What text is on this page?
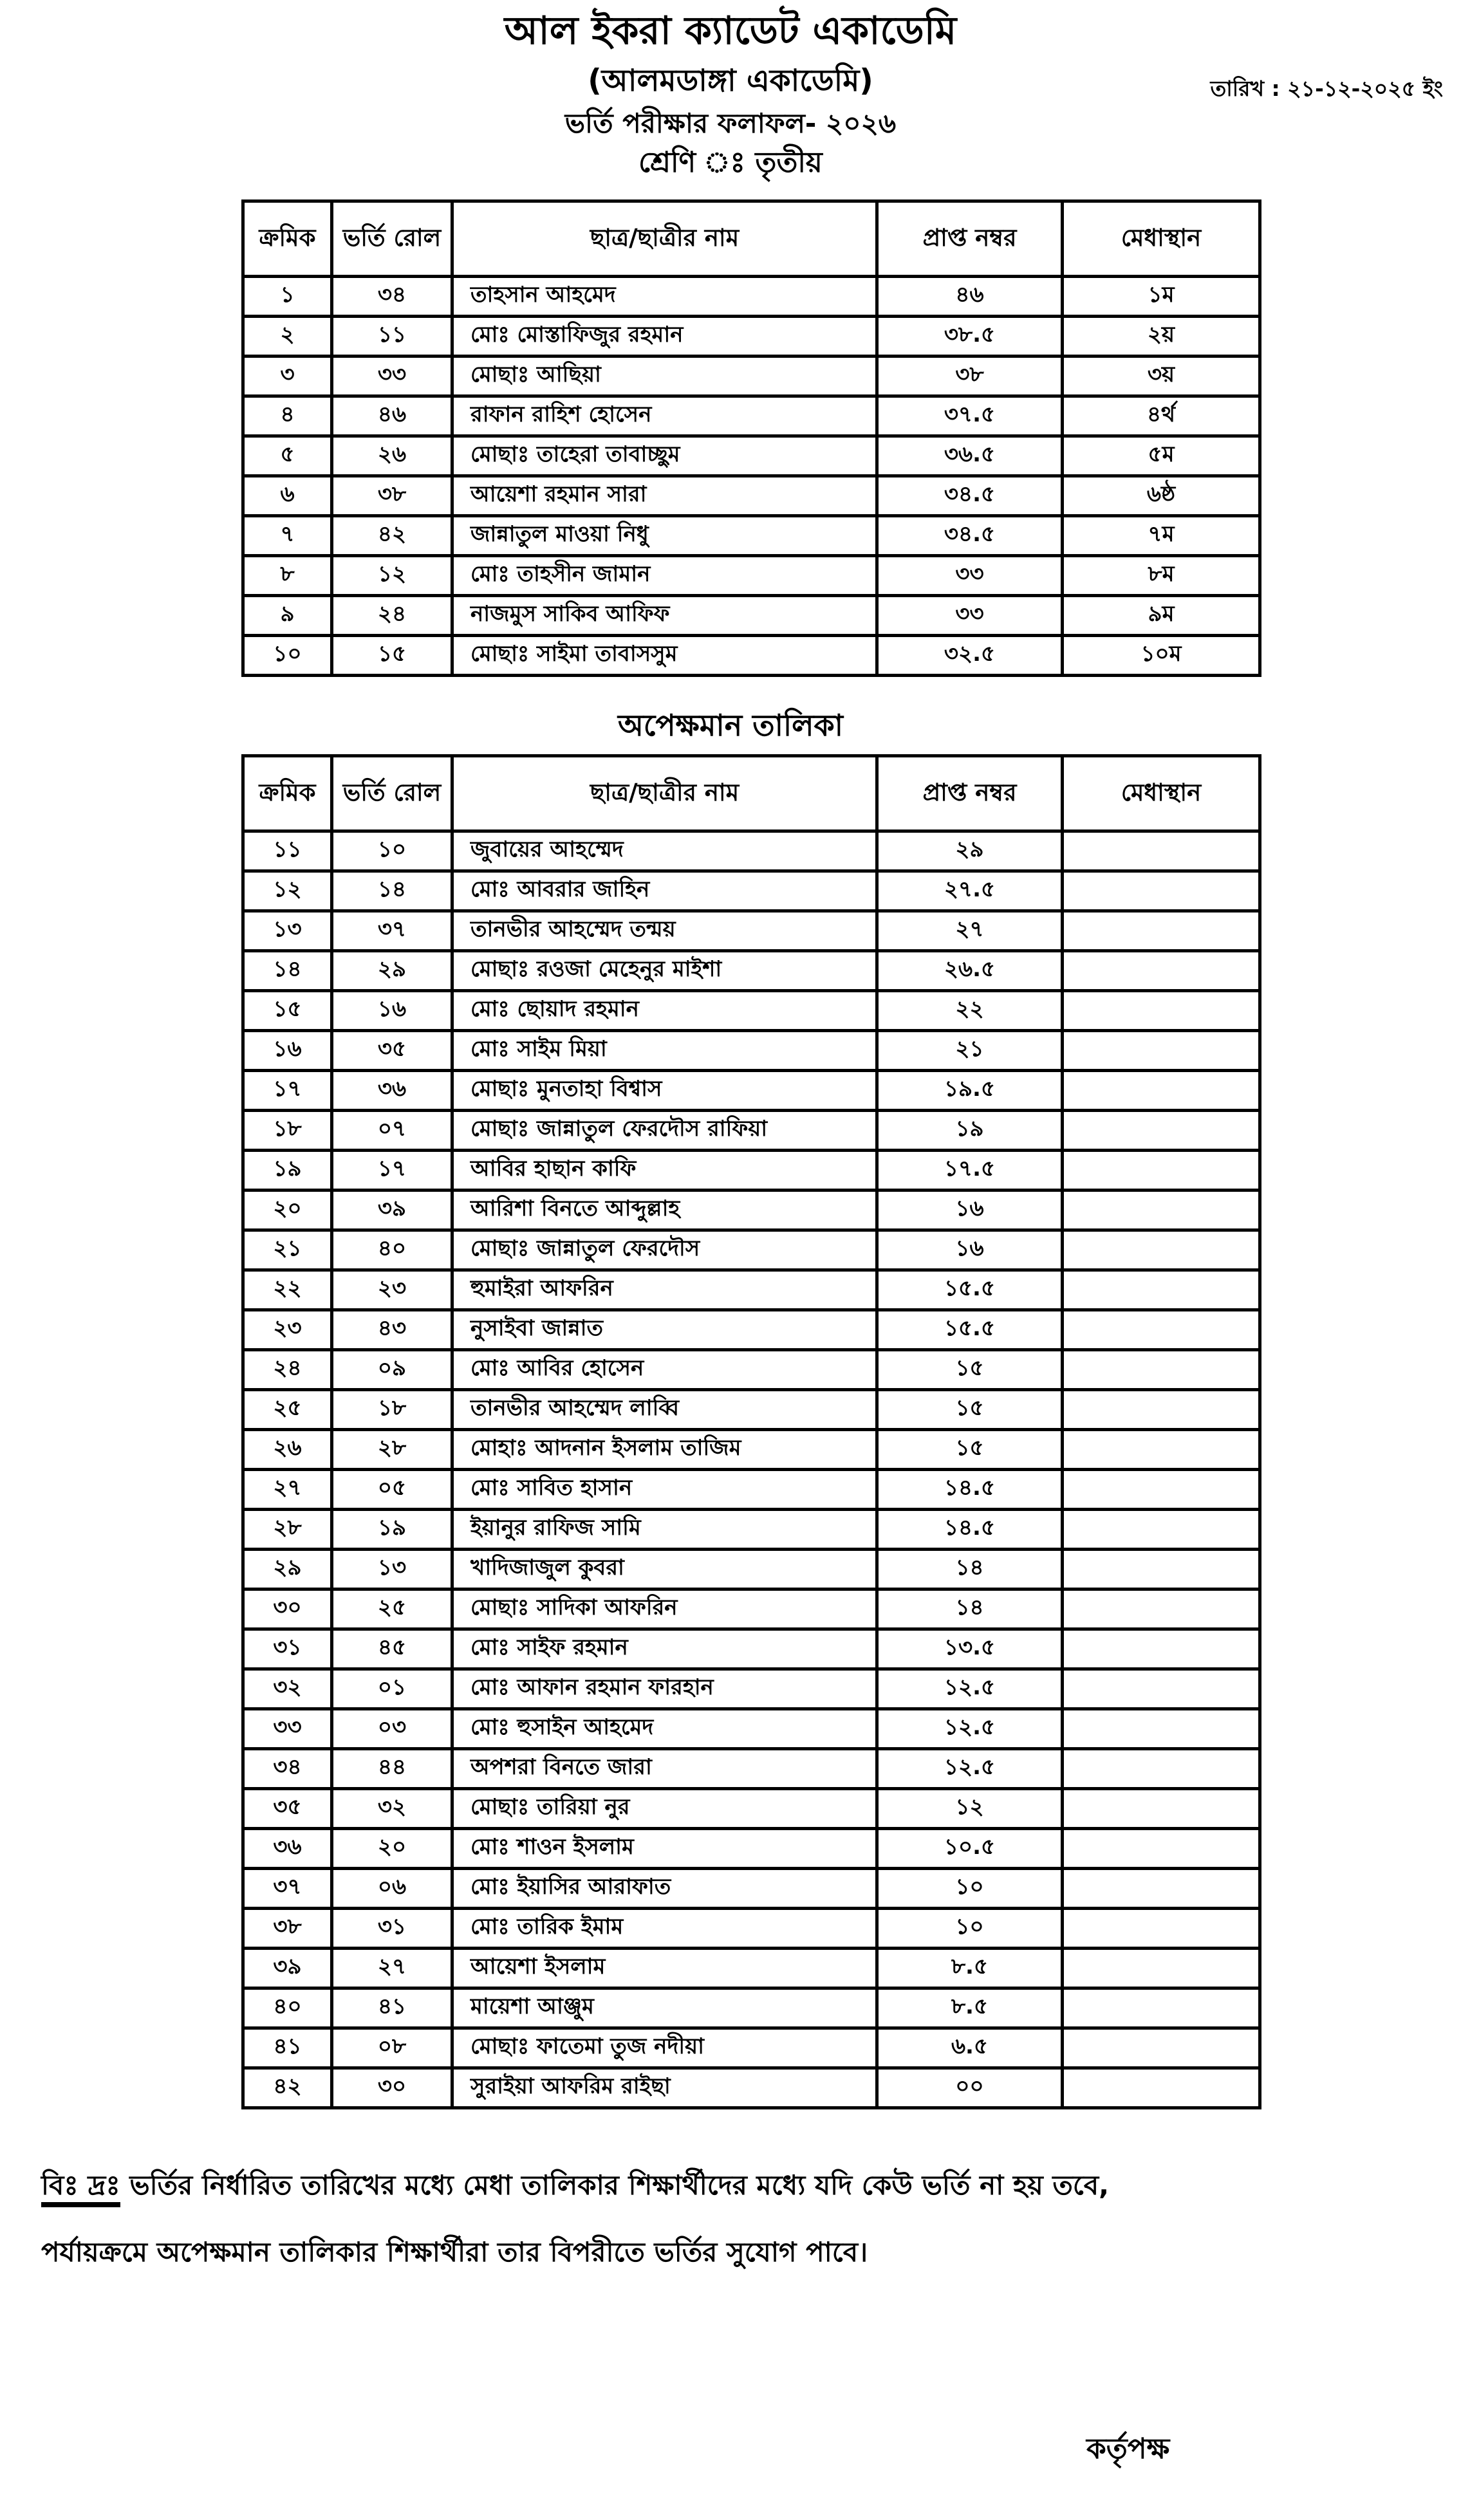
আল ইকরা ক্যাডেট একাডেমি
(আলমডাঙ্গা একাডেমি)
ভর্তি পরীক্ষার ফলাফল- ২০২৬
শ্রেণি ঃ তৃতীয়
তারিখ : ২১-১২-২০২৫ ইং
ক্রমিক	ভর্তি রোল	ছাত্র/ছাত্রীর নাম	প্রাপ্ত নম্বর	মেধাস্থান
১	৩৪	তাহসান আহমেদ	৪৬	১ম
২	১১	মোঃ মোস্তাফিজুর রহমান	৩৮.৫	২য়
৩	৩৩	মোছাঃ আছিয়া	৩৮	৩য়
৪	৪৬	রাফান রাহিশ হোসেন	৩৭.৫	৪র্থ
৫	২৬	মোছাঃ তাহেরা তাবাচ্ছুম	৩৬.৫	৫ম
৬	৩৮	আয়েশা রহমান সারা	৩৪.৫	৬ষ্ঠ
৭	৪২	জান্নাতুল মাওয়া নিধু	৩৪.৫	৭ম
৮	১২	মোঃ তাহসীন জামান	৩৩	৮ম
৯	২৪	নাজমুস সাকিব আফিফ	৩৩	৯ম
১০	১৫	মোছাঃ সাইমা তাবাসসুম	৩২.৫	১০ম
অপেক্ষমান তালিকা
ক্রমিক	ভর্তি রোল	ছাত্র/ছাত্রীর নাম	প্রাপ্ত নম্বর	মেধাস্থান
১১	১০	জুবায়ের আহম্মেদ	২৯	
১২	১৪	মোঃ আবরার জাহিন	২৭.৫	
১৩	৩৭	তানভীর আহম্মেদ তন্ময়	২৭	
১৪	২৯	মোছাঃ রওজা মেহেনুর মাইশা	২৬.৫	
১৫	১৬	মোঃ ছোয়াদ রহমান	২২	
১৬	৩৫	মোঃ সাইম মিয়া	২১	
১৭	৩৬	মোছাঃ মুনতাহা বিশ্বাস	১৯.৫	
১৮	০৭	মোছাঃ জান্নাতুল ফেরদৌস রাফিয়া	১৯	
১৯	১৭	আবির হাছান কাফি	১৭.৫	
২০	৩৯	আরিশা বিনতে আব্দুল্লাহ	১৬	
২১	৪০	মোছাঃ জান্নাতুল ফেরদৌস	১৬	
২২	২৩	হুমাইরা আফরিন	১৫.৫	
২৩	৪৩	নুসাইবা জান্নাত	১৫.৫	
২৪	০৯	মোঃ আবির হোসেন	১৫	
২৫	১৮	তানভীর আহম্মেদ লাব্বি	১৫	
২৬	২৮	মোহাঃ আদনান ইসলাম তাজিম	১৫	
২৭	০৫	মোঃ সাবিত হাসান	১৪.৫	
২৮	১৯	ইয়ানুর রাফিজ সামি	১৪.৫	
২৯	১৩	খাদিজাজুল কুবরা	১৪	
৩০	২৫	মোছাঃ সাদিকা আফরিন	১৪	
৩১	৪৫	মোঃ সাইফ রহমান	১৩.৫	
৩২	০১	মোঃ আফান রহমান ফারহান	১২.৫	
৩৩	০৩	মোঃ হুসাইন আহমেদ	১২.৫	
৩৪	৪৪	অপশরা বিনতে জারা	১২.৫	
৩৫	৩২	মোছাঃ তারিয়া নুর	১২	
৩৬	২০	মোঃ শাওন ইসলাম	১০.৫	
৩৭	০৬	মোঃ ইয়াসির আরাফাত	১০	
৩৮	৩১	মোঃ তারিক ইমাম	১০	
৩৯	২৭	আয়েশা ইসলাম	৮.৫	
৪০	৪১	মায়েশা আঞ্জুম	৮.৫	
৪১	০৮	মোছাঃ ফাতেমা তুজ নদীয়া	৬.৫	
৪২	৩০	সুরাইয়া আফরিম রাইছা	০০	
বিঃ দ্রঃ ভর্তির নির্ধারিত তারিখের মধ্যে মেধা তালিকার শিক্ষার্থীদের মধ্যে যদি কেউ ভর্তি না হয় তবে,
পর্যায়ক্রমে অপেক্ষমান তালিকার শিক্ষার্থীরা তার বিপরীতে ভর্তির সুযোগ পাবে।
কর্তৃপক্ষ
